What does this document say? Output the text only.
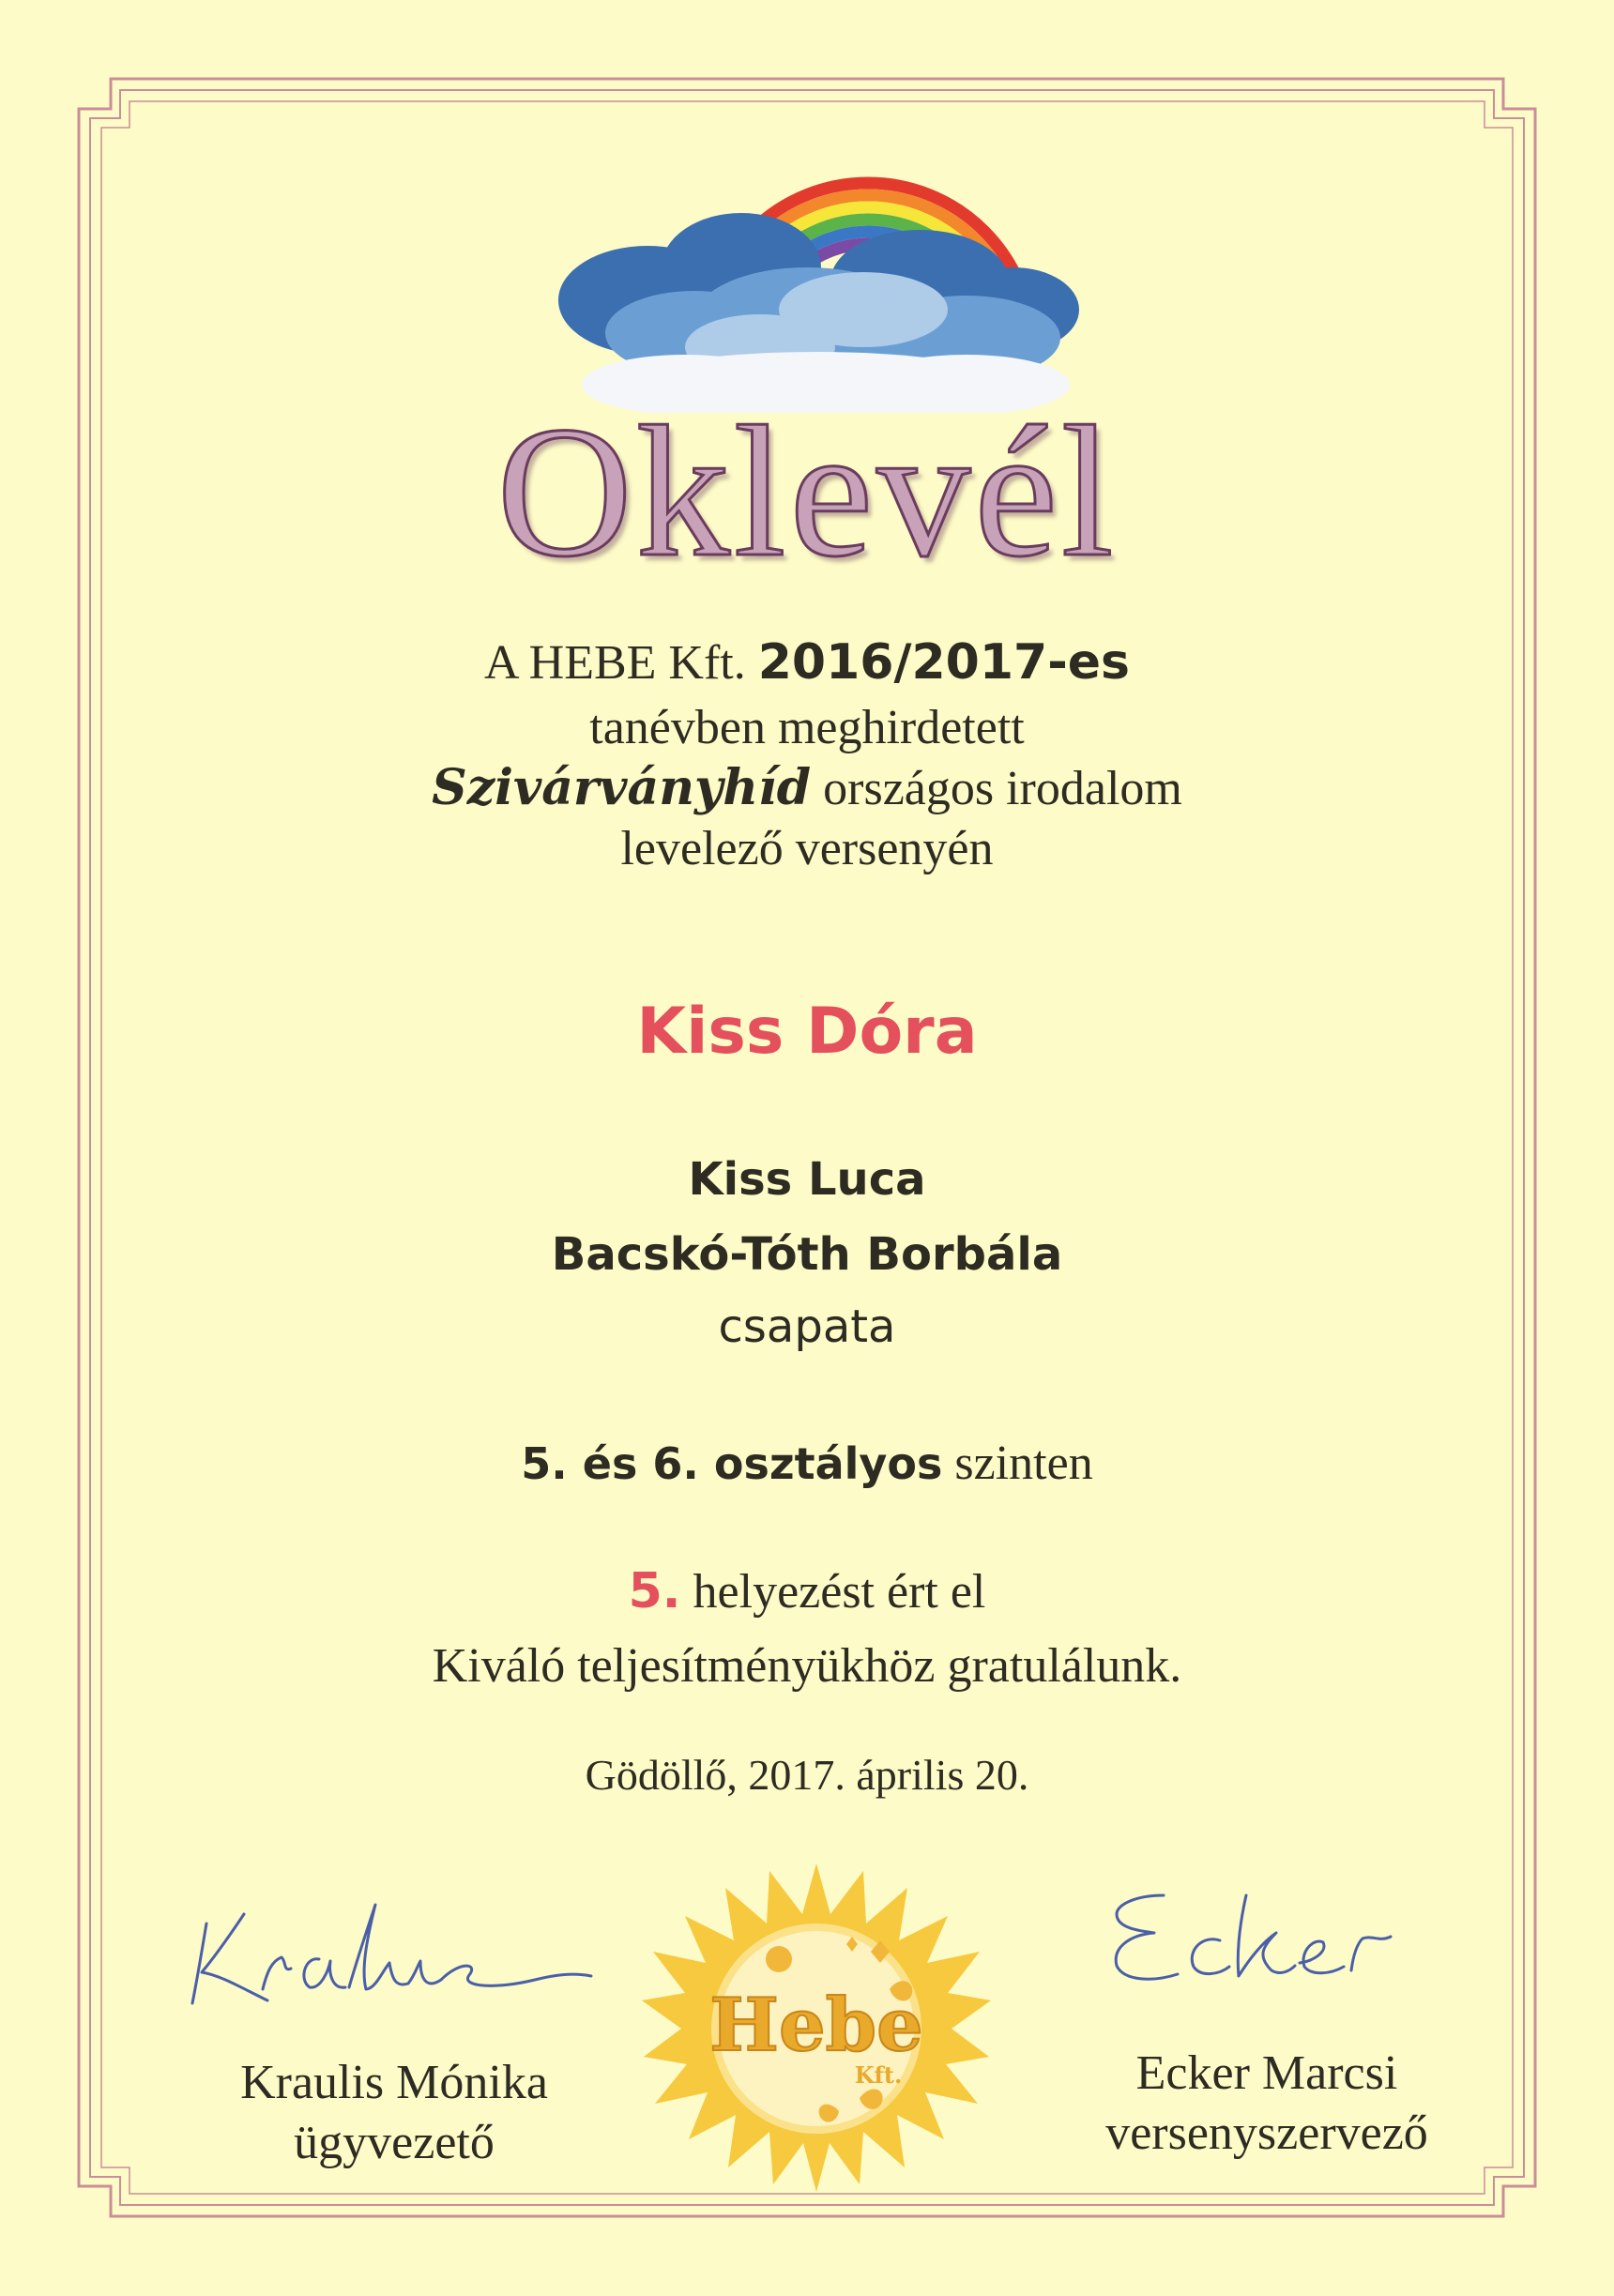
Oklevél
A HEBE Kft. 2016/2017-es
tanévben meghirdetett
Szivárványhíd országos irodalom
levelező versenyén
Kiss Dóra
Kiss Luca
Bacskó-Tóth Borbála
csapata
5. és 6. osztályos szinten
5. helyezést ért el
Kiváló teljesítményükhöz gratulálunk.
Gödöllő, 2017. április 20.
Hebe
Kft.
Kraulis Mónika
ügyvezető
Ecker Marcsi
versenyszervező
